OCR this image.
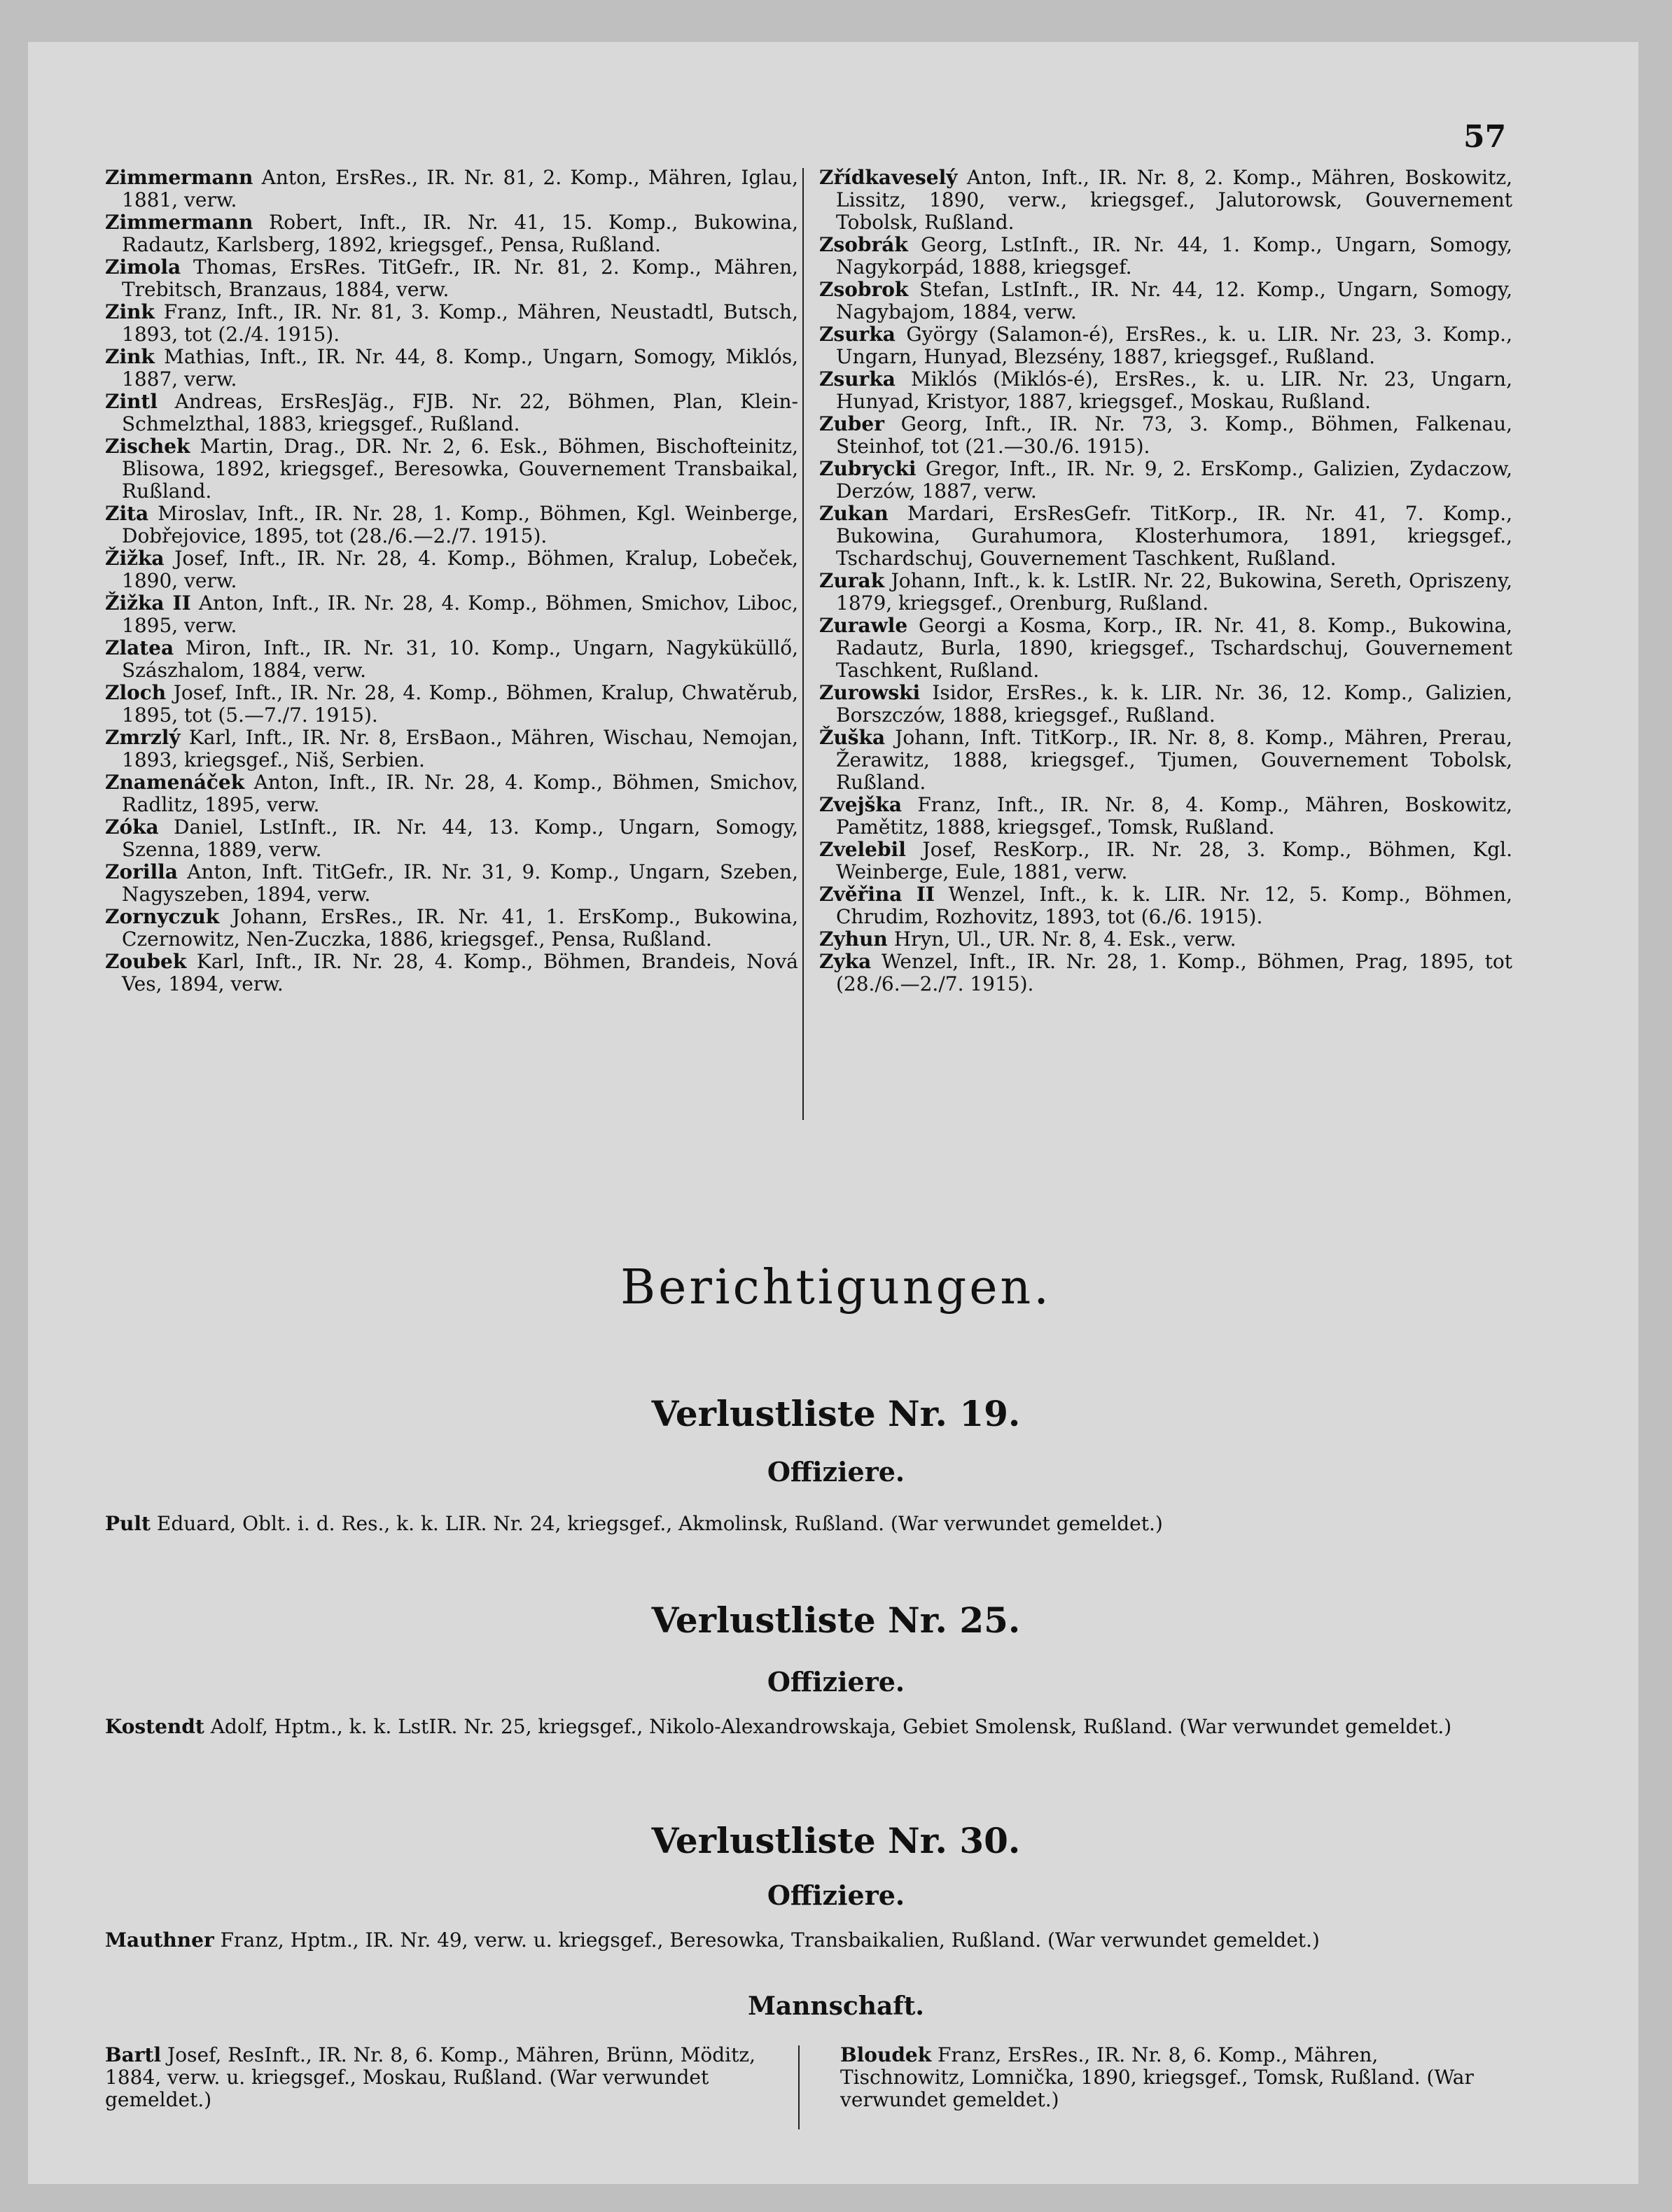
57
Zimmermann Anton, ErsRes., IR. Nr. 81, 2. Komp., Mähren, Iglau, 1881, verw.
Zimmermann Robert, Inft., IR. Nr. 41, 15. Komp., Bukowina, Radautz, Karlsberg, 1892, kriegsgef., Pensa, Rußland.
Zimola Thomas, ErsRes. TitGefr., IR. Nr. 81, 2. Komp., Mähren, Trebitsch, Branzaus, 1884, verw.
Zink Franz, Inft., IR. Nr. 81, 3. Komp., Mähren, Neustadtl, Butsch, 1893, tot (2./4. 1915).
Zink Mathias, Inft., IR. Nr. 44, 8. Komp., Ungarn, Somogy, Miklós, 1887, verw.
Zintl Andreas, ErsResJäg., FJB. Nr. 22, Böhmen, Plan, Klein-Schmelzthal, 1883, kriegsgef., Rußland.
Zischek Martin, Drag., DR. Nr. 2, 6. Esk., Böhmen, Bischofteinitz, Blisowa, 1892, kriegsgef., Beresowka, Gouvernement Transbaikal, Rußland.
Zita Miroslav, Inft., IR. Nr. 28, 1. Komp., Böhmen, Kgl. Weinberge, Dobřejovice, 1895, tot (28./6.—2./7. 1915).
Žižka Josef, Inft., IR. Nr. 28, 4. Komp., Böhmen, Kralup, Lobeček, 1890, verw.
Žižka II Anton, Inft., IR. Nr. 28, 4. Komp., Böhmen, Smichov, Liboc, 1895, verw.
Zlatea Miron, Inft., IR. Nr. 31, 10. Komp., Ungarn, Nagyküküllő, Szászhalom, 1884, verw.
Zloch Josef, Inft., IR. Nr. 28, 4. Komp., Böhmen, Kralup, Chwatěrub, 1895, tot (5.—7./7. 1915).
Zmrzlý Karl, Inft., IR. Nr. 8, ErsBaon., Mähren, Wischau, Nemojan, 1893, kriegsgef., Niš, Serbien.
Znamenáček Anton, Inft., IR. Nr. 28, 4. Komp., Böhmen, Smichov, Radlitz, 1895, verw.
Zóka Daniel, LstInft., IR. Nr. 44, 13. Komp., Ungarn, Somogy, Szenna, 1889, verw.
Zorilla Anton, Inft. TitGefr., IR. Nr. 31, 9. Komp., Ungarn, Szeben, Nagyszeben, 1894, verw.
Zornyczuk Johann, ErsRes., IR. Nr. 41, 1. ErsKomp., Bukowina, Czernowitz, Nen-Zuczka, 1886, kriegsgef., Pensa, Rußland.
Zoubek Karl, Inft., IR. Nr. 28, 4. Komp., Böhmen, Brandeis, Nová Ves, 1894, verw.
Zřídkaveselý Anton, Inft., IR. Nr. 8, 2. Komp., Mähren, Boskowitz, Lissitz, 1890, verw., kriegsgef., Jalutorowsk, Gouvernement Tobolsk, Rußland.
Zsobrák Georg, LstInft., IR. Nr. 44, 1. Komp., Ungarn, Somogy, Nagykorpád, 1888, kriegsgef.
Zsobrok Stefan, LstInft., IR. Nr. 44, 12. Komp., Ungarn, Somogy, Nagybajom, 1884, verw.
Zsurka György (Salamon-é), ErsRes., k. u. LIR. Nr. 23, 3. Komp., Ungarn, Hunyad, Blezsény, 1887, kriegsgef., Rußland.
Zsurka Miklós (Miklós-é), ErsRes., k. u. LIR. Nr. 23, Ungarn, Hunyad, Kristyor, 1887, kriegsgef., Moskau, Rußland.
Zuber Georg, Inft., IR. Nr. 73, 3. Komp., Böhmen, Falkenau, Steinhof, tot (21.—30./6. 1915).
Zubrycki Gregor, Inft., IR. Nr. 9, 2. ErsKomp., Galizien, Zydaczow, Derzów, 1887, verw.
Zukan Mardari, ErsResGefr. TitKorp., IR. Nr. 41, 7. Komp., Bukowina, Gurahumora, Klosterhumora, 1891, kriegsgef., Tschardschuj, Gouvernement Taschkent, Rußland.
Zurak Johann, Inft., k. k. LstIR. Nr. 22, Bukowina, Sereth, Opriszeny, 1879, kriegsgef., Orenburg, Rußland.
Zurawle Georgi a Kosma, Korp., IR. Nr. 41, 8. Komp., Bukowina, Radautz, Burla, 1890, kriegsgef., Tschardschuj, Gouvernement Taschkent, Rußland.
Zurowski Isidor, ErsRes., k. k. LIR. Nr. 36, 12. Komp., Galizien, Borszczów, 1888, kriegsgef., Rußland.
Žuška Johann, Inft. TitKorp., IR. Nr. 8, 8. Komp., Mähren, Prerau, Žerawitz, 1888, kriegsgef., Tjumen, Gouvernement Tobolsk, Rußland.
Zvejška Franz, Inft., IR. Nr. 8, 4. Komp., Mähren, Boskowitz, Pamětitz, 1888, kriegsgef., Tomsk, Rußland.
Zvelebil Josef, ResKorp., IR. Nr. 28, 3. Komp., Böhmen, Kgl. Weinberge, Eule, 1881, verw.
Zvěřina II Wenzel, Inft., k. k. LIR. Nr. 12, 5. Komp., Böhmen, Chrudim, Rozhovitz, 1893, tot (6./6. 1915).
Zyhun Hryn, Ul., UR. Nr. 8, 4. Esk., verw.
Zyka Wenzel, Inft., IR. Nr. 28, 1. Komp., Böhmen, Prag, 1895, tot (28./6.—2./7. 1915).
Berichtigungen.
Verlustliste Nr. 19.
Offiziere.
Pult Eduard, Oblt. i. d. Res., k. k. LIR. Nr. 24, kriegsgef., Akmolinsk, Rußland. (War verwundet gemeldet.)
Verlustliste Nr. 25.
Offiziere.
Kostendt Adolf, Hptm., k. k. LstIR. Nr. 25, kriegsgef., Nikolo-Alexandrowskaja, Gebiet Smolensk, Rußland. (War verwundet gemeldet.)
Verlustliste Nr. 30.
Offiziere.
Mauthner Franz, Hptm., IR. Nr. 49, verw. u. kriegsgef., Beresowka, Transbaikalien, Rußland. (War verwundet gemeldet.)
Mannschaft.
Bartl Josef, ResInft., IR. Nr. 8, 6. Komp., Mähren, Brünn, Möditz, 1884, verw. u. kriegsgef., Moskau, Rußland. (War verwundet gemeldet.)
Bloudek Franz, ErsRes., IR. Nr. 8, 6. Komp., Mähren, Tischnowitz, Lomnička, 1890, kriegsgef., Tomsk, Rußland. (War verwundet gemeldet.)
